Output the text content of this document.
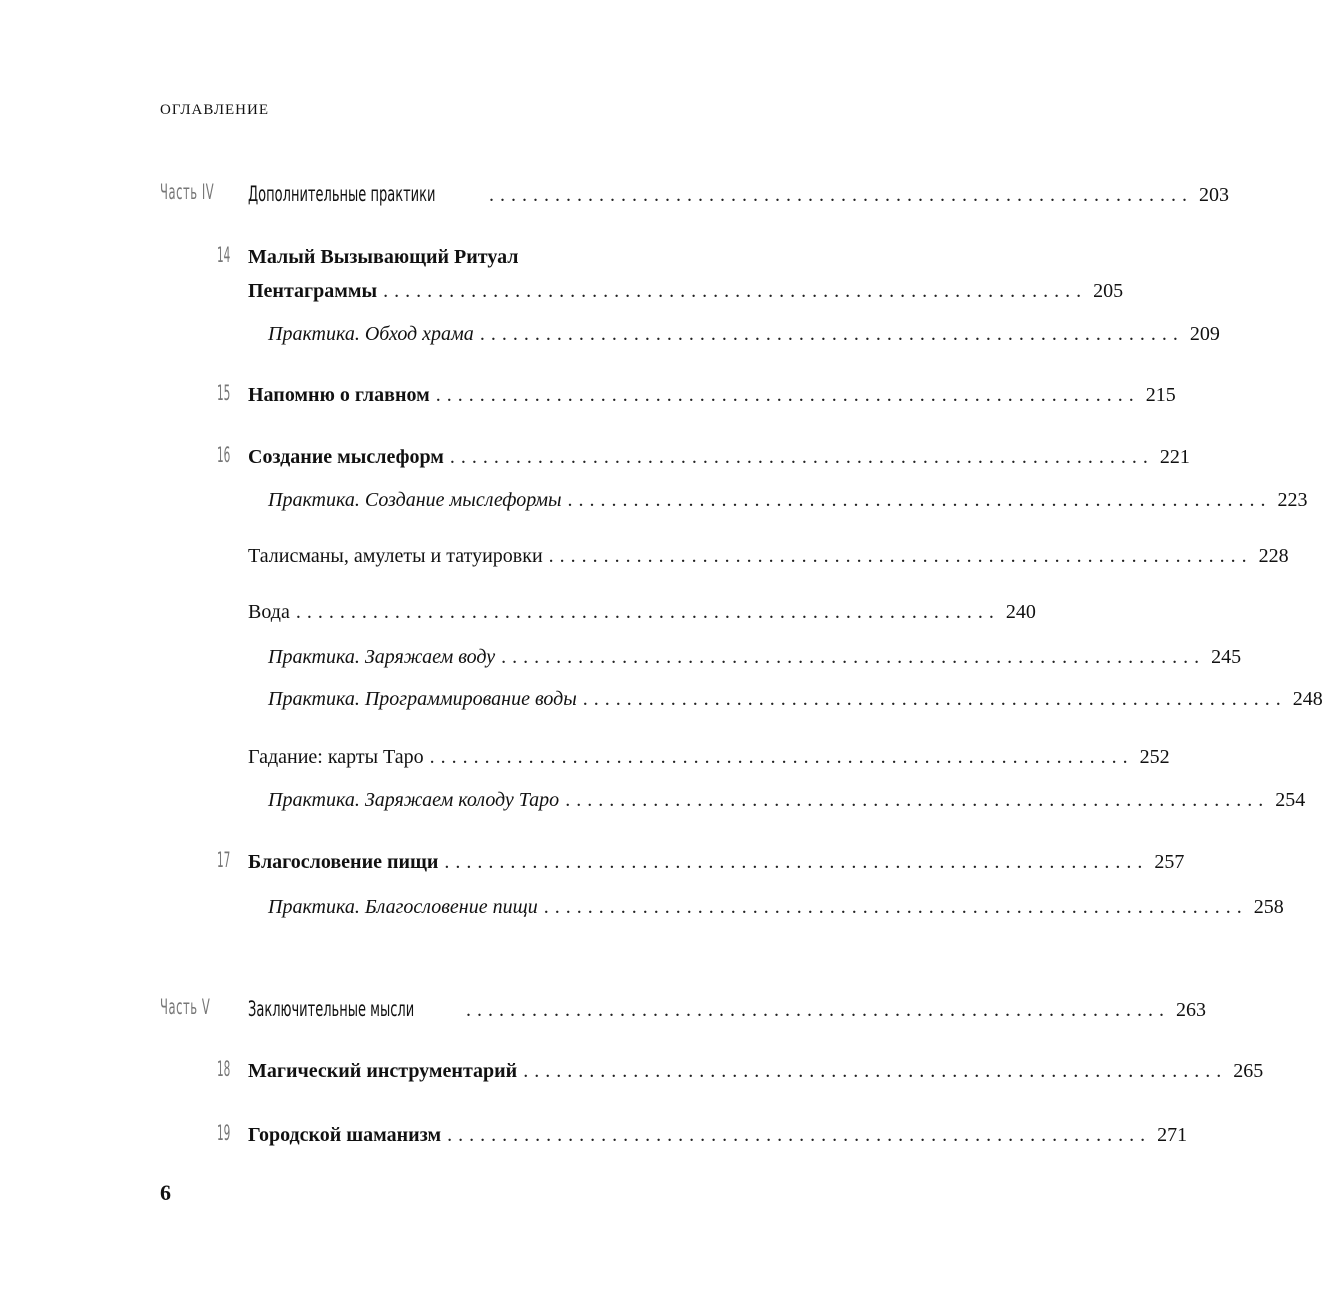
ОГЛАВЛЕНИЕ
Часть IV Дополнительные практики	................................................................ 203
14 Малый Вызывающий Ритуал
Пентаграммы ................................................................ 205
Практика. Обход храма ................................................................ 209
15 Напомню о главном ................................................................ 215
16 Создание мыслеформ ................................................................ 221
Практика. Создание мыслеформы ................................................................ 223
Талисманы, амулеты и татуировки ................................................................ 228
Вода ................................................................ 240
Практика. Заряжаем воду ................................................................ 245
Практика. Программирование воды ................................................................ 248
Гадание: карты Таро ................................................................ 252
Практика. Заряжаем колоду Таро ................................................................ 254
17 Благословение пищи ................................................................ 257
Практика. Благословение пищи ................................................................ 258
Часть V Заключительные мысли	................................................................ 263
18 Магический инструментарий ................................................................ 265
19 Городской шаманизм ................................................................ 271
6
